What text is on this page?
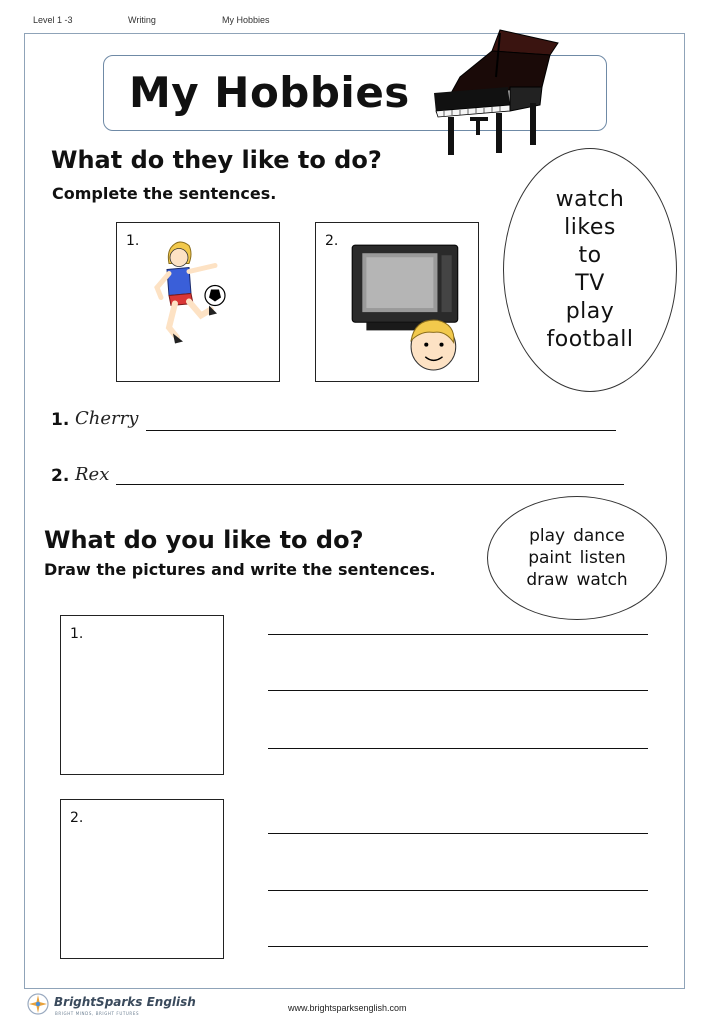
Level 1 -3	Writing	My Hobbies
My Hobbies
What do they like to do?
Complete the sentences.
1.	2.
watch
likes
to
TV
play
football
1. Cherry
2. Rex
What do you like to do?
Draw the pictures and write the sentences.
play dance
paint listen
draw watch
1.
2.
BrightSparks English
BRIGHT MINDS, BRIGHT FUTURES
www.brightsparksenglish.com
